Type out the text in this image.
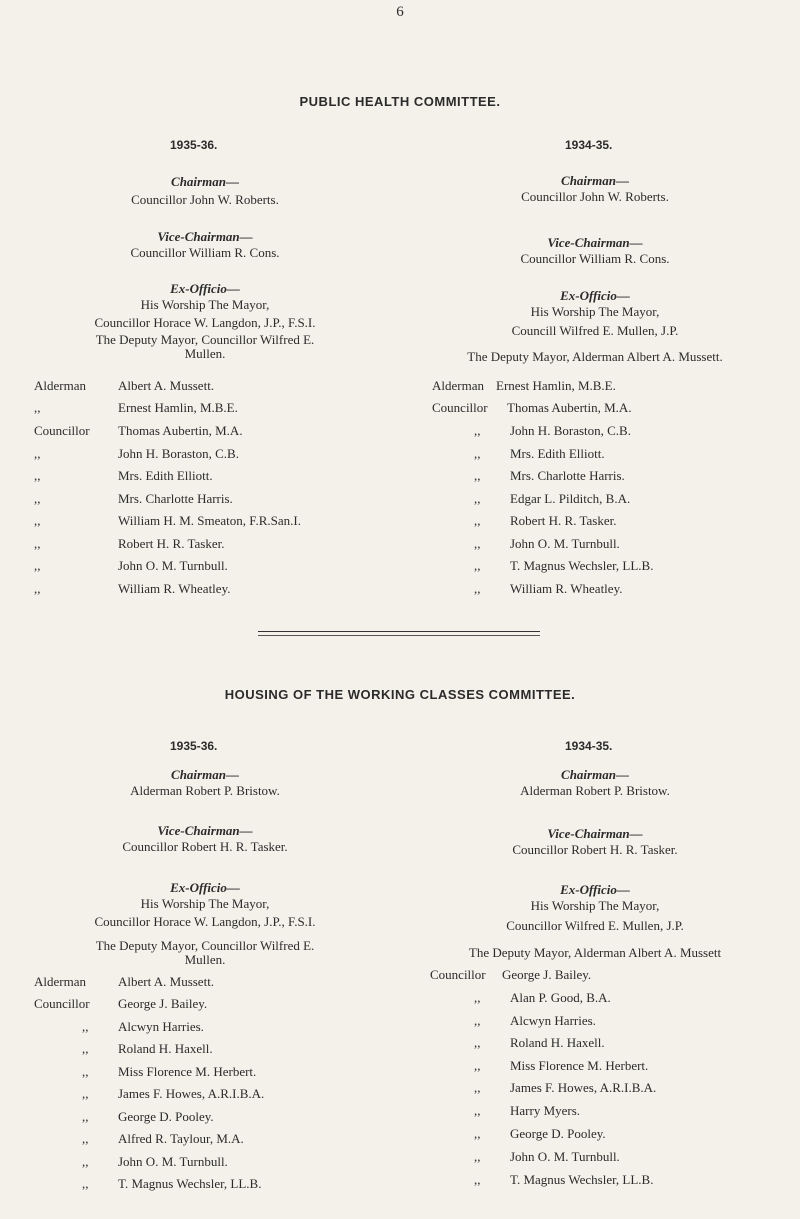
6
PUBLIC HEALTH COMMITTEE.
1935-36.
Chairman—
Councillor John W. Roberts.
Vice-Chairman—
Councillor William R. Cons.
Ex-Officio—
His Worship The Mayor,
Councillor Horace W. Langdon, J.P., F.S.I.
The Deputy Mayor, Councillor Wilfred E.
Mullen.
Alderman Albert A. Mussett.
,,	Ernest Hamlin, M.B.E.
Councillor Thomas Aubertin, M.A.
,,	John H. Boraston, C.B.
,,	Mrs. Edith Elliott.
,,	Mrs. Charlotte Harris.
,,	William H. M. Smeaton, F.R.San.I.
,,	Robert H. R. Tasker.
,,	John O. M. Turnbull.
,,	William R. Wheatley.
1934-35.
Chairman—
Councillor John W. Roberts.
Vice-Chairman—
Councillor William R. Cons.
Ex-Officio—
His Worship The Mayor,
Councill Wilfred E. Mullen, J.P.
The Deputy Mayor, Alderman Albert A. Mussett.
Alderman Ernest Hamlin, M.B.E.
Councillor Thomas Aubertin, M.A.
,, John H. Boraston, C.B.
,, Mrs. Edith Elliott.
,, Mrs. Charlotte Harris.
,, Edgar L. Pilditch, B.A.
,, Robert H. R. Tasker.
,, John O. M. Turnbull.
,, T. Magnus Wechsler, LL.B.
,, William R. Wheatley.
HOUSING OF THE WORKING CLASSES COMMITTEE.
1935-36.
Chairman—
Alderman Robert P. Bristow.
Vice-Chairman—
Councillor Robert H. R. Tasker.
Ex-Officio—
His Worship The Mayor,
Councillor Horace W. Langdon, J.P., F.S.I.
The Deputy Mayor, Councillor Wilfred E.
Mullen.
Alderman Albert A. Mussett.
Councillor George J. Bailey.
,, Alcwyn Harries.
,, Roland H. Haxell.
,, Miss Florence M. Herbert.
,, James F. Howes, A.R.I.B.A.
,, George D. Pooley.
,, Alfred R. Taylour, M.A.
,, John O. M. Turnbull.
,, T. Magnus Wechsler, LL.B.
1934-35.
Chairman—
Alderman Robert P. Bristow.
Vice-Chairman—
Councillor Robert H. R. Tasker.
Ex-Officio—
His Worship The Mayor,
Councillor Wilfred E. Mullen, J.P.
The Deputy Mayor, Alderman Albert A. Mussett
Councillor George J. Bailey.
,, Alan P. Good, B.A.
,, Alcwyn Harries.
,, Roland H. Haxell.
,, Miss Florence M. Herbert.
,, James F. Howes, A.R.I.B.A.
,, Harry Myers.
,, George D. Pooley.
,, John O. M. Turnbull.
,, T. Magnus Wechsler, LL.B.
